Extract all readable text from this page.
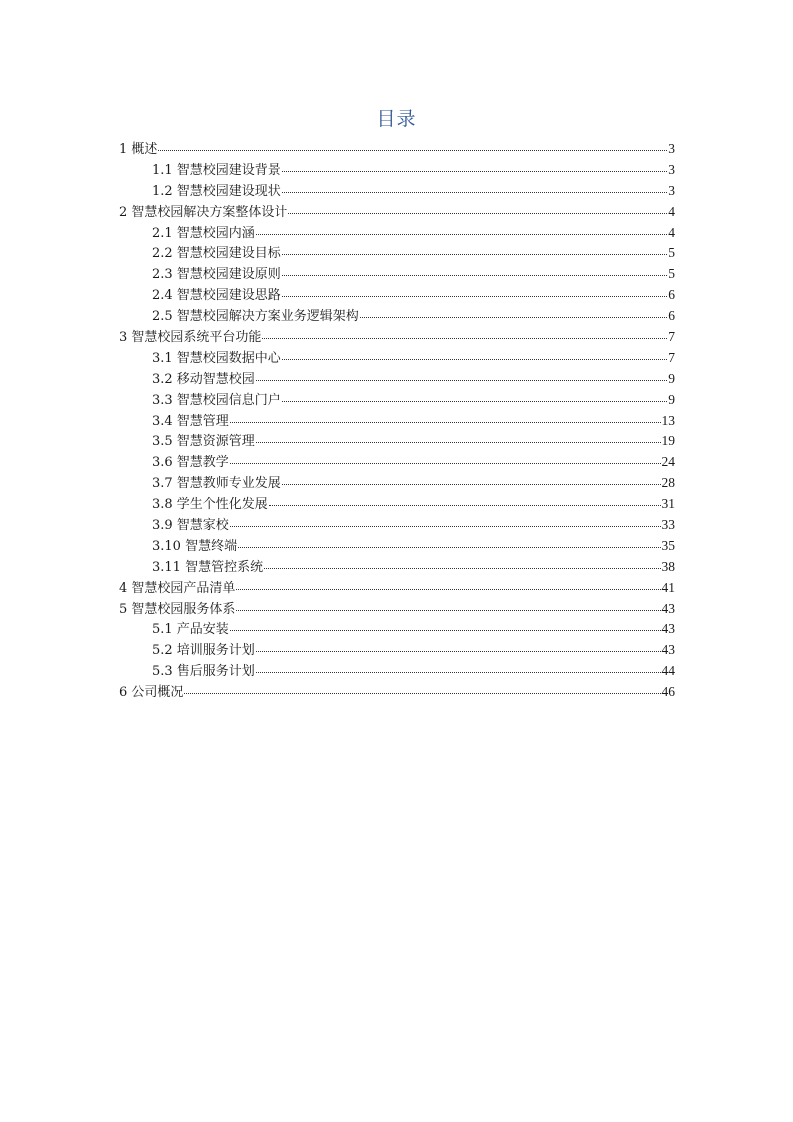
目录
1 概述	3
1.1 智慧校园建设背景	3
1.2 智慧校园建设现状	3
2 智慧校园解决方案整体设计	4
2.1 智慧校园内涵	4
2.2 智慧校园建设目标	5
2.3 智慧校园建设原则	5
2.4 智慧校园建设思路	6
2.5 智慧校园解决方案业务逻辑架构	6
3 智慧校园系统平台功能	7
3.1 智慧校园数据中心	7
3.2 移动智慧校园	9
3.3 智慧校园信息门户	9
3.4 智慧管理	13
3.5 智慧资源管理	19
3.6 智慧教学	24
3.7 智慧教师专业发展	28
3.8 学生个性化发展	31
3.9 智慧家校	33
3.10 智慧终端	35
3.11 智慧管控系统	38
4 智慧校园产品清单	41
5 智慧校园服务体系	43
5.1 产品安装	43
5.2 培训服务计划	43
5.3 售后服务计划	44
6 公司概况	46
